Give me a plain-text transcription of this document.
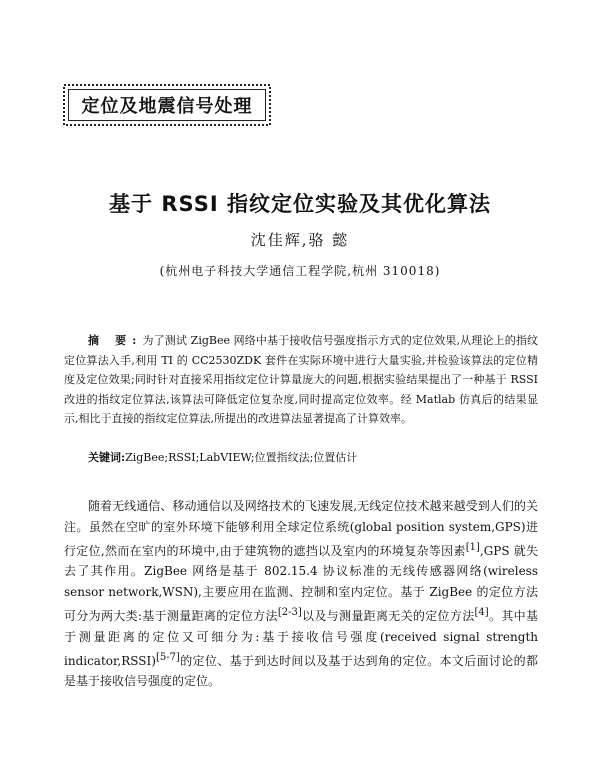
定位及地震信号处理
基于 RSSI 指纹定位实验及其优化算法
沈佳辉,骆 懿
(杭州电子科技大学通信工程学院,杭州 310018)

摘 要:为了测试 ZigBee 网络中基于接收信号强度指示方式的定位效果,从理论上的指纹定位算法入手,利用 TI 的 CC2530ZDK 套件在实际环境中进行大量实验,并检验该算法的定位精度及定位效果;同时针对直接采用指纹定位计算量庞大的问题,根据实验结果提出了一种基于 RSSI 改进的指纹定位算法,该算法可降低定位复杂度,同时提高定位效率。经 Matlab 仿真后的结果显示,相比于直接的指纹定位算法,所提出的改进算法显著提高了计算效率。

关键词:ZigBee;RSSI;LabVIEW;位置指纹法;位置估计

随着无线通信、移动通信以及网络技术的飞速发展,无线定位技术越来越受到人们的关注。虽然在空旷的室外环境下能够利用全球定位系统(global position system,GPS)进行定位,然而在室内的环境中,由于建筑物的遮挡以及室内的环境复杂等因素[1],GPS 就失去了其作用。ZigBee 网络是基于 802.15.4 协议标准的无线传感器网络(wireless sensor network,WSN),主要应用在监测、控制和室内定位。基于 ZigBee 的定位方法可分为两大类:基于测量距离的定位方法[2-3]以及与测量距离无关的定位方法[4]。其中基于测量距离的定位又可细分为:基于接收信号强度(received signal strength indicator,RSSI)[5-7]的定位、基于到达时间以及基于达到角的定位。本文后面讨论的都是基于接收信号强度的定位。
